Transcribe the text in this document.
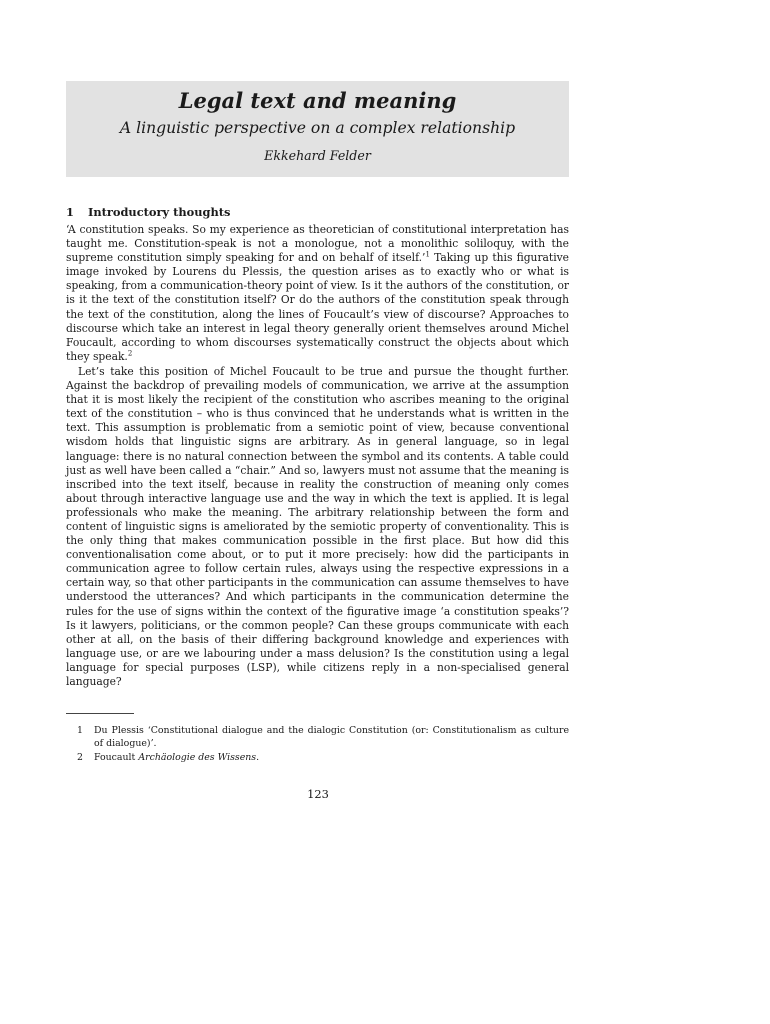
Legal text and meaning
A linguistic perspective on a complex relationship
Ekkehard Felder
1 Introductory thoughts

‘A constitution speaks. So my experience as theoretician of constitutional interpretation has taught me. Constitution-speak is not a monologue, not a monolithic soliloquy, with the supreme constitution simply speaking for and on behalf of itself.’$^1$ Taking up this figurative image invoked by Lourens du Plessis, the question arises as to exactly who or what is speaking, from a communication-theory point of view. Is it the authors of the constitution, or is it the text of the constitution itself? Or do the authors of the constitution speak through the text of the constitution, along the lines of Foucault’s view of discourse? Approaches to discourse which take an interest in legal theory generally orient themselves around Michel Foucault, according to whom discourses systematically construct the objects about which they speak.$^2$

Let’s take this position of Michel Foucault to be true and pursue the thought further. Against the backdrop of prevailing models of communication, we arrive at the assumption that it is most likely the recipient of the constitution who ascribes meaning to the original text of the constitution – who is thus convinced that he understands what is written in the text. This assumption is problematic from a semiotic point of view, because conventional wisdom holds that linguistic signs are arbitrary. As in general language, so in legal language: there is no natural connection between the symbol and its contents. A table could just as well have been called a “chair.” And so, lawyers must not assume that the meaning is inscribed into the text itself, because in reality the construction of meaning only comes about through interactive language use and the way in which the text is applied. It is legal professionals who make the meaning. The arbitrary relationship between the form and content of linguistic signs is ameliorated by the semiotic property of conventionality. This is the only thing that makes communication possible in the first place. But how did this conventionalisation come about, or to put it more precisely: how did the participants in communication agree to follow certain rules, always using the respective expressions in a certain way, so that other participants in the communication can assume themselves to have understood the utterances? And which participants in the communication determine the rules for the use of signs within the context of the figurative image ‘a constitution speaks’? Is it lawyers, politicians, or the common people? Can these groups communicate with each other at all, on the basis of their differing background knowledge and experiences with language use, or are we labouring under a mass delusion? Is the constitution using a legal language for special purposes (LSP), while citizens reply in a non-specialised general language?

1	Du Plessis ‘Constitutional dialogue and the dialogic Constitution (or: Constitutionalism as culture of dialogue)’.
2	Foucault Archäologie des Wissens.
123
